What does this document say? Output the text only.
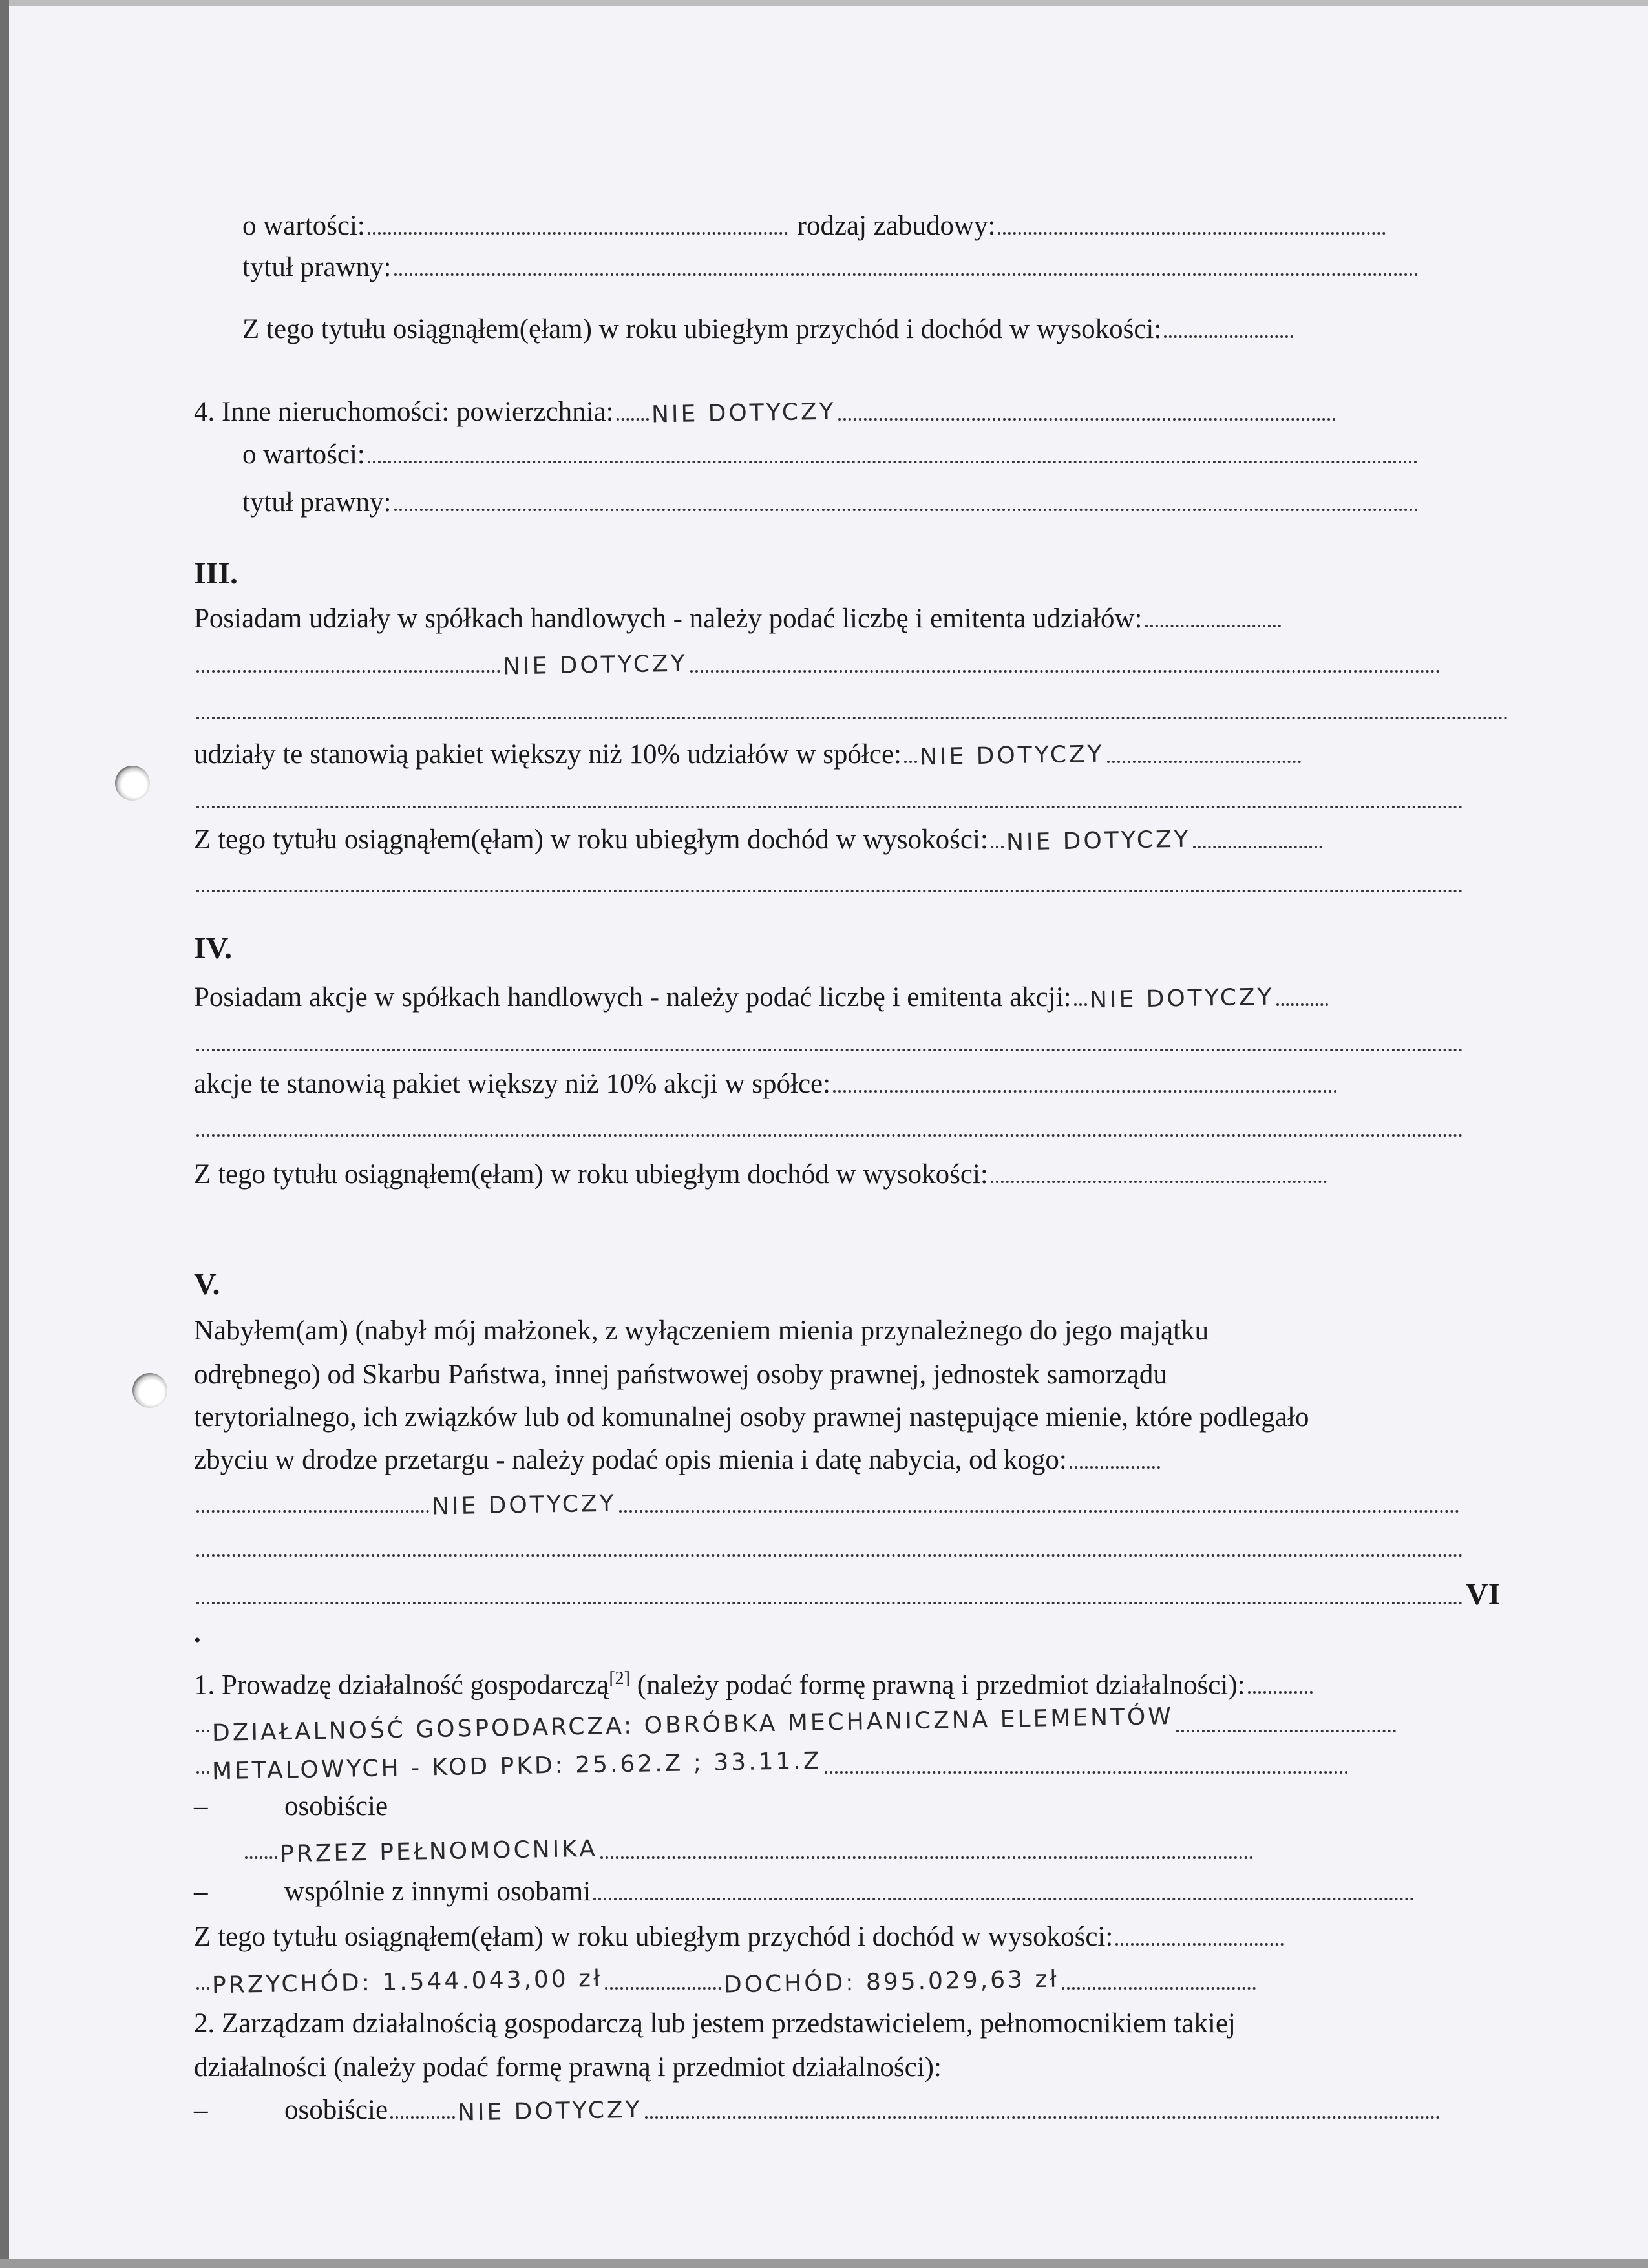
o wartości:	rodzaj zabudowy:
tytuł prawny:
Z tego tytułu osiągnąłem(ęłam) w roku ubiegłym przychód i dochód w wysokości:
4. Inne nieruchomości: powierzchnia: NIE DOTYCZY
o wartości:
tytuł prawny:
III.
Posiadam udziały w spółkach handlowych - należy podać liczbę i emitenta udziałów:
NIE DOTYCZY
udziały te stanowią pakiet większy niż 10% udziałów w spółce: NIE DOTYCZY
Z tego tytułu osiągnąłem(ęłam) w roku ubiegłym dochód w wysokości: NIE DOTYCZY
IV.
Posiadam akcje w spółkach handlowych - należy podać liczbę i emitenta akcji: NIE DOTYCZY
akcje te stanowią pakiet większy niż 10% akcji w spółce:
Z tego tytułu osiągnąłem(ęłam) w roku ubiegłym dochód w wysokości:
V.
Nabyłem(am) (nabył mój małżonek, z wyłączeniem mienia przynależnego do jego majątku
odrębnego) od Skarbu Państwa, innej państwowej osoby prawnej, jednostek samorządu
terytorialnego, ich związków lub od komunalnej osoby prawnej następujące mienie, które podlegało
zbyciu w drodze przetargu - należy podać opis mienia i datę nabycia, od kogo:
NIE DOTYCZY
VI
.
1. Prowadzę działalność gospodarczą[2] (należy podać formę prawną i przedmiot działalności):
DZIAŁALNOŚĆ GOSPODARCZA: OBRÓBKA MECHANICZNA ELEMENTÓW
METALOWYCH - KOD PKD: 25.62.Z ; 33.11.Z
–	osobiście
PRZEZ PEŁNOMOCNIKA
–	wspólnie z innymi osobami
Z tego tytułu osiągnąłem(ęłam) w roku ubiegłym przychód i dochód w wysokości:
PRZYCHÓD: 1.544.043,00 zł	DOCHÓD: 895.029,63 zł
2. Zarządzam działalnością gospodarczą lub jestem przedstawicielem, pełnomocnikiem takiej
działalności (należy podać formę prawną i przedmiot działalności):
–	osobiście	NIE DOTYCZY
